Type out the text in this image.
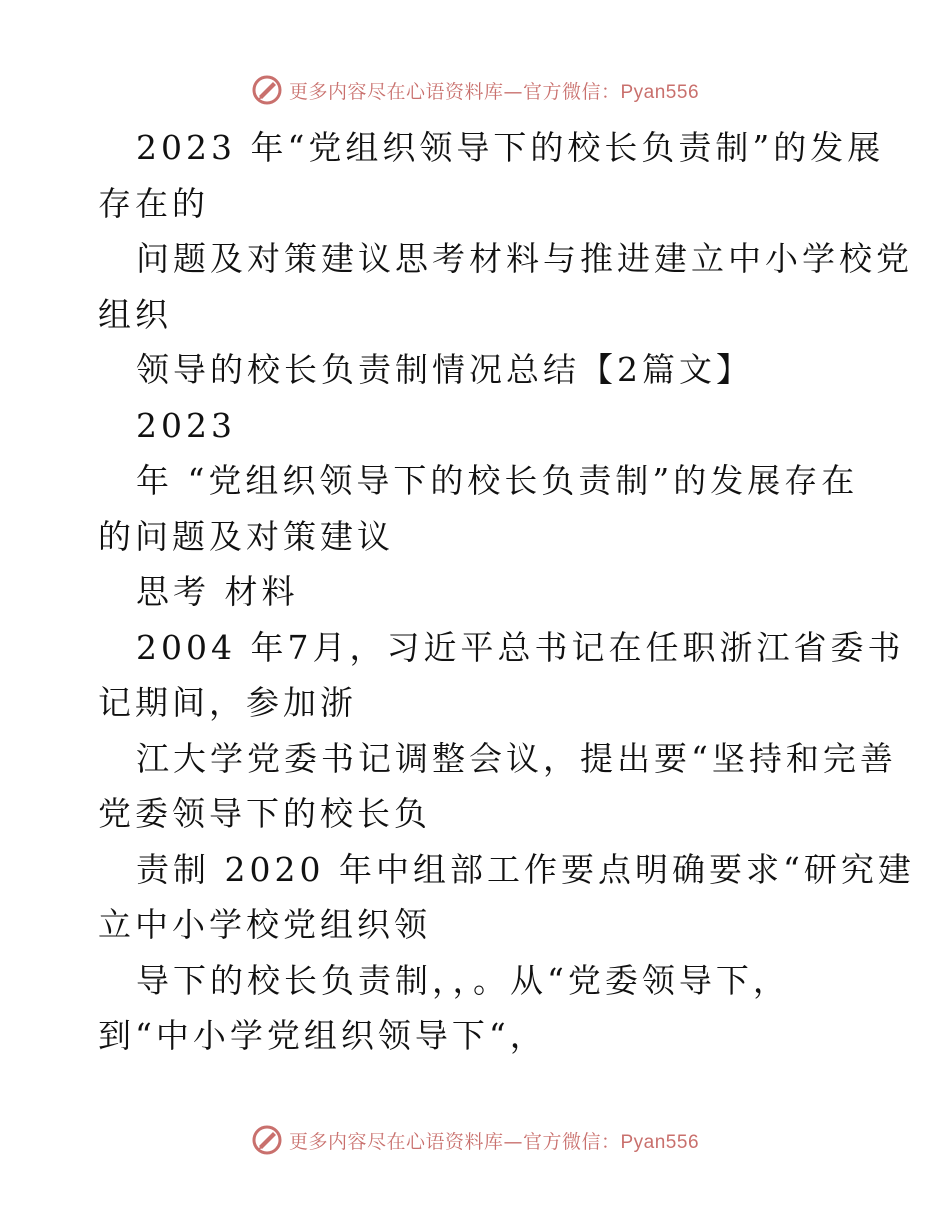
更多内容尽在心语资料库—官方微信：Pyan556
2023 年“党组织领导下的校长负责制”的发展
存在的
问题及对策建议思考材料与推进建立中小学校党
组织
领导的校长负责制情况总结【2篇文】
2023
年 “党组织领导下的校长负责制”的发展存在
的问题及对策建议
思考 材料
2004 年7月，习近平总书记在任职浙江省委书
记期间，参加浙
江大学党委书记调整会议，提出要“坚持和完善
党委领导下的校长负
责制 2020 年中组部工作要点明确要求“研究建
立中小学校党组织领
导下的校长负责制，，。从“党委领导下，
到“中小学党组织领导下“，
更多内容尽在心语资料库—官方微信：Pyan556
